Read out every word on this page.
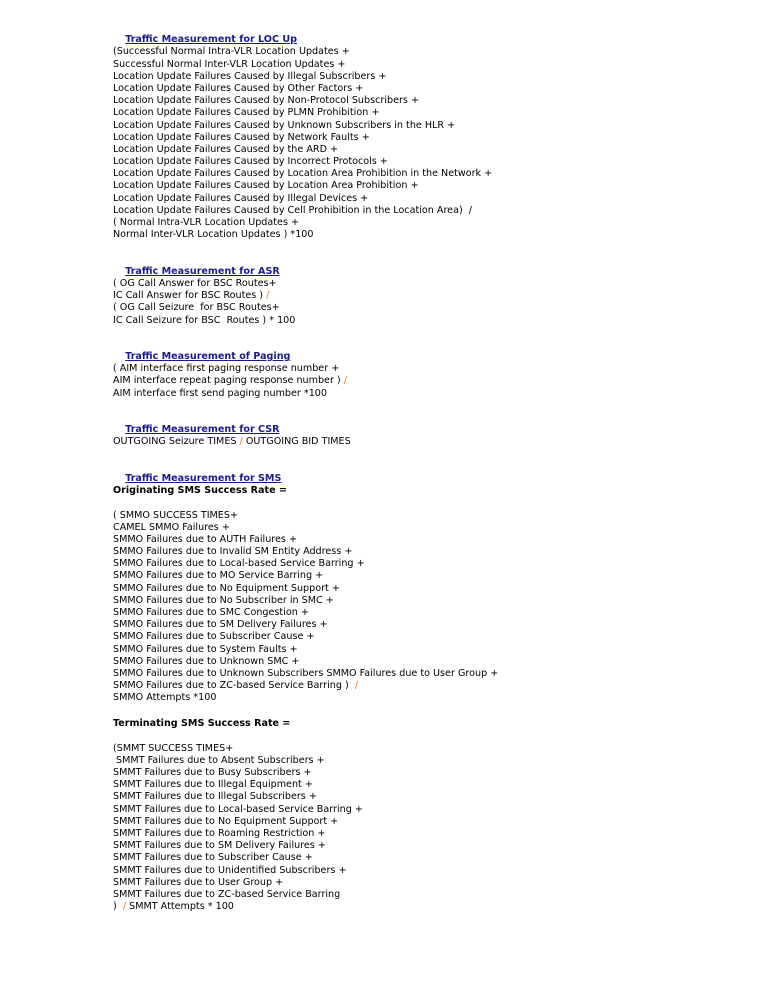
Traffic Measurement for LOC Up

(Successful Normal Intra-VLR Location Updates +
Successful Normal Inter-VLR Location Updates +
Location Update Failures Caused by Illegal Subscribers +
Location Update Failures Caused by Other Factors +
Location Update Failures Caused by Non-Protocol Subscribers +
Location Update Failures Caused by PLMN Prohibition +
Location Update Failures Caused by Unknown Subscribers in the HLR +
Location Update Failures Caused by Network Faults +
Location Update Failures Caused by the ARD +
Location Update Failures Caused by Incorrect Protocols +
Location Update Failures Caused by Location Area Prohibition in the Network +
Location Update Failures Caused by Location Area Prohibition +
Location Update Failures Caused by Illegal Devices +
Location Update Failures Caused by Cell Prohibition in the Location Area)  /
( Normal Intra-VLR Location Updates +
Normal Inter-VLR Location Updates ) *100

Traffic Measurement for ASR

( OG Call Answer for BSC Routes+
IC Call Answer for BSC Routes ) /
( OG Call Seizure  for BSC Routes+
IC Call Seizure for BSC  Routes ) * 100

Traffic Measurement of Paging

( AIM interface first paging response number +
AIM interface repeat paging response number ) /
AIM interface first send paging number *100

Traffic Measurement for CSR

OUTGOING Seizure TIMES / OUTGOING BID TIMES

Traffic Measurement for SMS

Originating SMS Success Rate =
( SMMO SUCCESS TIMES+
CAMEL SMMO Failures +
SMMO Failures due to AUTH Failures +
SMMO Failures due to Invalid SM Entity Address +
SMMO Failures due to Local-based Service Barring +
SMMO Failures due to MO Service Barring +
SMMO Failures due to No Equipment Support +
SMMO Failures due to No Subscriber in SMC +
SMMO Failures due to SMC Congestion +
SMMO Failures due to SM Delivery Failures +
SMMO Failures due to Subscriber Cause +
SMMO Failures due to System Faults +
SMMO Failures due to Unknown SMC +
SMMO Failures due to Unknown Subscribers SMMO Failures due to User Group +
SMMO Failures due to ZC-based Service Barring )  /
SMMO Attempts *100
Terminating SMS Success Rate =
(SMMT SUCCESS TIMES+
SMMT Failures due to Absent Subscribers +
SMMT Failures due to Busy Subscribers +
SMMT Failures due to Illegal Equipment +
SMMT Failures due to Illegal Subscribers +
SMMT Failures due to Local-based Service Barring +
SMMT Failures due to No Equipment Support +
SMMT Failures due to Roaming Restriction +
SMMT Failures due to SM Delivery Failures +
SMMT Failures due to Subscriber Cause +
SMMT Failures due to Unidentified Subscribers +
SMMT Failures due to User Group +
SMMT Failures due to ZC-based Service Barring
)  / SMMT Attempts * 100
